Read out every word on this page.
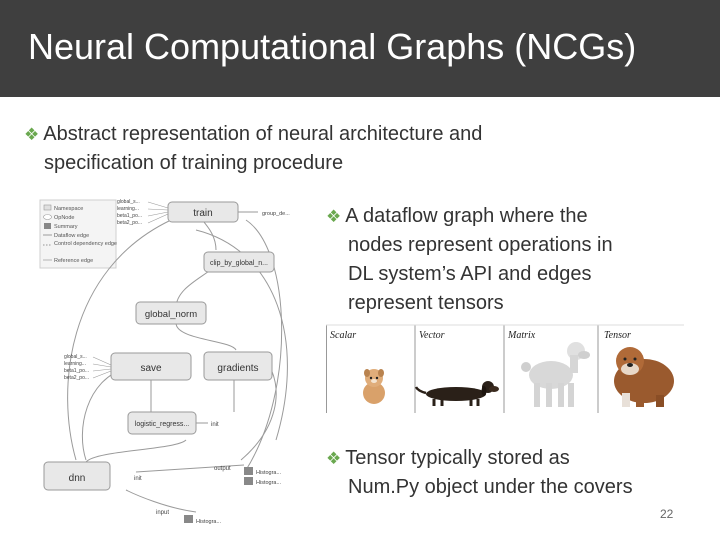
Neural Computational Graphs (NCGs)
❖ Abstract representation of neural architecture and
specification of training procedure
Namespace
OpNode
Summary
Dataflow edge
Control dependency edge
Reference edge
global_s...
learning...
beta1_po...
beta2_po...
global_s...
learning...
beta1_po...
beta2_po...
train	group_de...
clip_by_global_n...
global_norm
save	gradients
logistic_regress...	init
dnn	init
output
Histogra...
Histogra...
input
Histogra...
❖ A dataflow graph where the
nodes represent operations in
DL system’s API and edges
represent tensors
Scalar	Vector	Matrix	Tensor
❖ Tensor typically stored as
Num.Py object under the covers
22
